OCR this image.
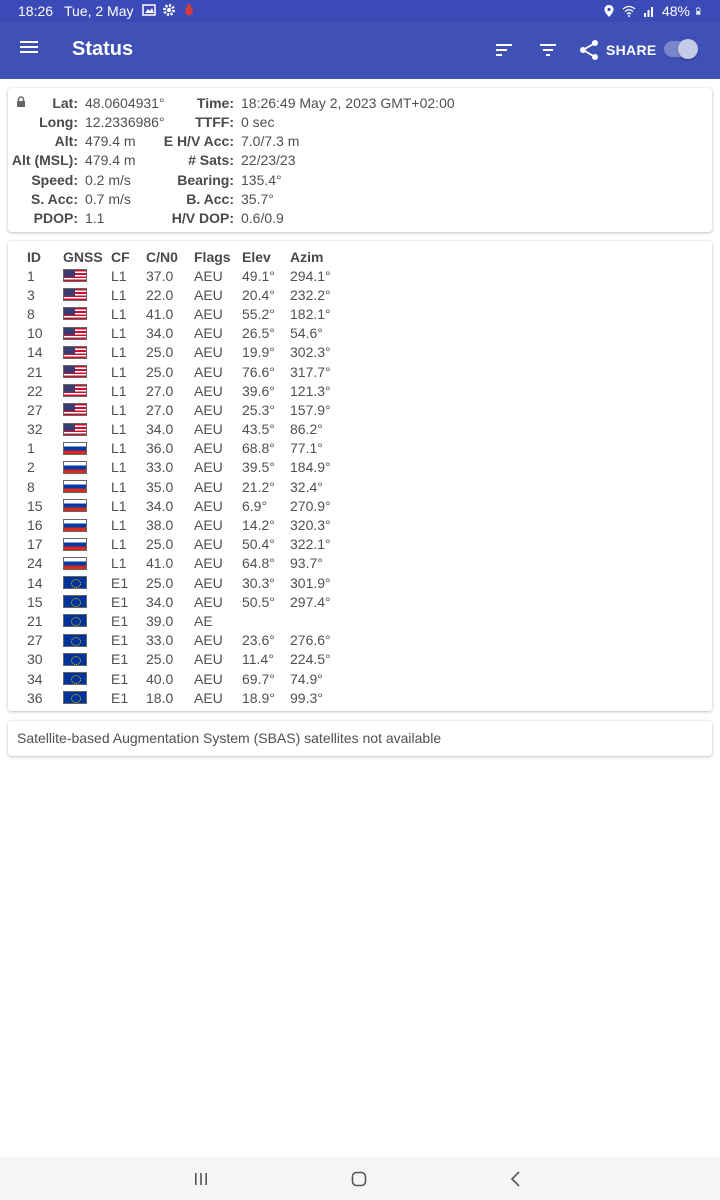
18:26 Tue, 2 May	48%
Status	SHARE
Lat: 48.0604931°
Long: 12.2336986°
Alt: 479.4 m
Alt (MSL): 479.4 m
Speed: 0.2 m/s
S. Acc: 0.7 m/s
PDOP: 1.1
Time: 18:26:49 May 2, 2023 GMT+02:00
TTFF: 0 sec
E H/V Acc: 7.0/7.3 m
# Sats: 22/23/23
Bearing: 135.4°
B. Acc: 35.7°
H/V DOP: 0.6/0.9
ID	GNSS	CF	C/N0	Flags	Elev	Azim
1		L1	37.0	AEU	49.1°	294.1°
3		L1	22.0	AEU	20.4°	232.2°
8		L1	41.0	AEU	55.2°	182.1°
10		L1	34.0	AEU	26.5°	54.6°
14		L1	25.0	AEU	19.9°	302.3°
21		L1	25.0	AEU	76.6°	317.7°
22		L1	27.0	AEU	39.6°	121.3°
27		L1	27.0	AEU	25.3°	157.9°
32		L1	34.0	AEU	43.5°	86.2°
1		L1	36.0	AEU	68.8°	77.1°
2		L1	33.0	AEU	39.5°	184.9°
8		L1	35.0	AEU	21.2°	32.4°
15		L1	34.0	AEU	6.9°	270.9°
16		L1	38.0	AEU	14.2°	320.3°
17		L1	25.0	AEU	50.4°	322.1°
24		L1	41.0	AEU	64.8°	93.7°
14		E1	25.0	AEU	30.3°	301.9°
15		E1	34.0	AEU	50.5°	297.4°
21		E1	39.0	AE		
27		E1	33.0	AEU	23.6°	276.6°
30		E1	25.0	AEU	11.4°	224.5°
34		E1	40.0	AEU	69.7°	74.9°
36		E1	18.0	AEU	18.9°	99.3°
Satellite-based Augmentation System (SBAS) satellites not available
